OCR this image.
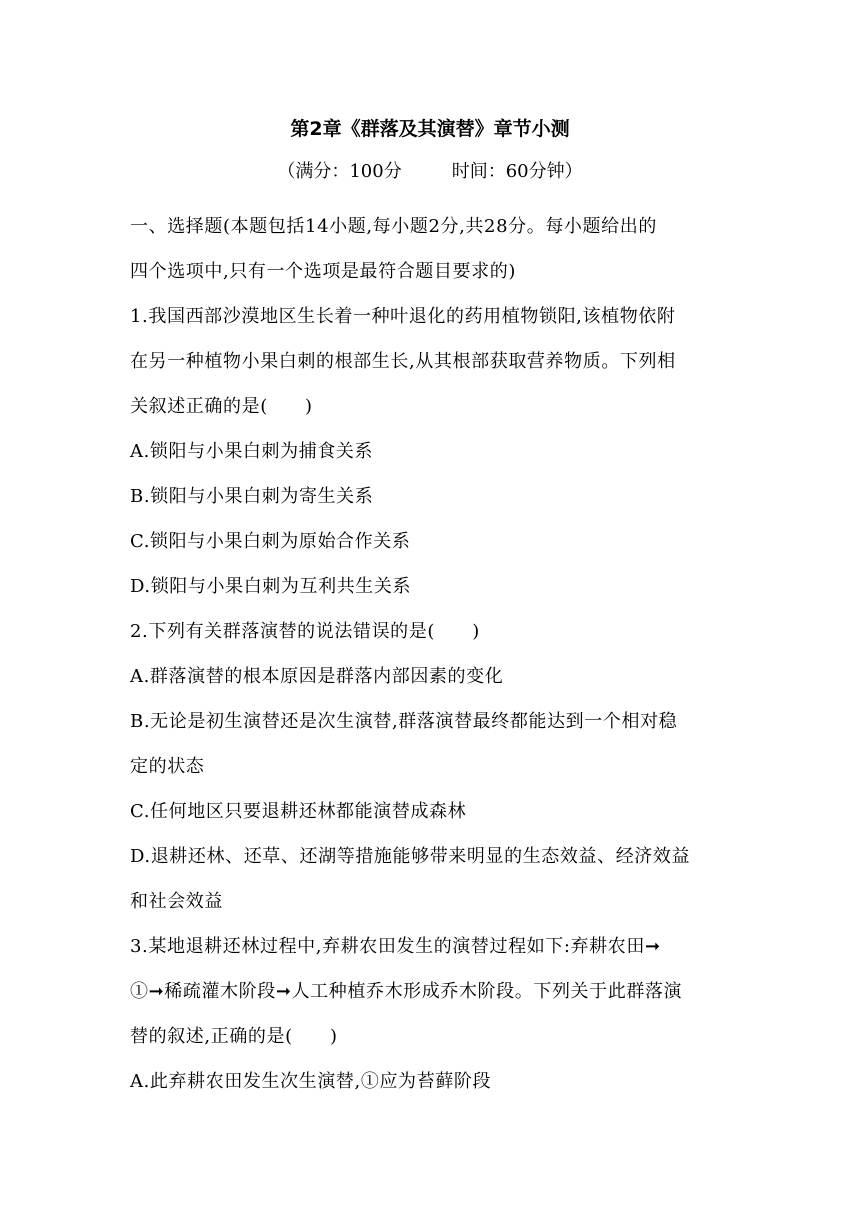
第2章《群落及其演替》章节小测
（满分：100分	时间：60分钟）
一、选择题(本题包括14小题,每小题2分,共28分。每小题给出的
四个选项中,只有一个选项是最符合题目要求的)
1.我国西部沙漠地区生长着一种叶退化的药用植物锁阳,该植物依附
在另一种植物小果白刺的根部生长,从其根部获取营养物质。下列相
关叙述正确的是(　　)
A.锁阳与小果白刺为捕食关系
B.锁阳与小果白刺为寄生关系
C.锁阳与小果白刺为原始合作关系
D.锁阳与小果白刺为互利共生关系
2.下列有关群落演替的说法错误的是(　　)
A.群落演替的根本原因是群落内部因素的变化
B.无论是初生演替还是次生演替,群落演替最终都能达到一个相对稳
定的状态
C.任何地区只要退耕还林都能演替成森林
D.退耕还林、还草、还湖等措施能够带来明显的生态效益、经济效益
和社会效益
3.某地退耕还林过程中,弃耕农田发生的演替过程如下:弃耕农田➞
①➞稀疏灌木阶段➞人工种植乔木形成乔木阶段。下列关于此群落演
替的叙述,正确的是(　　)
A.此弃耕农田发生次生演替,①应为苔藓阶段
